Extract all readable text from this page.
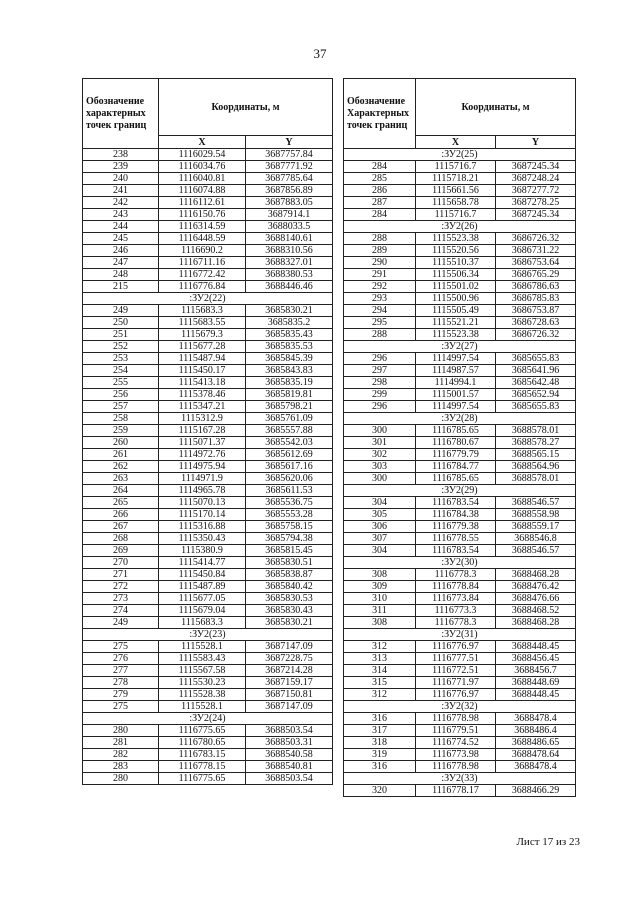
37
Обозначение характерных точек границ	Координаты, м	
	X	Y
238	1116029.54	3687757.84
239	1116034.76	3687771.92
240	1116040.81	3687785.64
241	1116074.88	3687856.89
242	1116112.61	3687883.05
243	1116150.76	3687914.1
244	1116314.59	3688033.5
245	1116448.59	3688140.61
246	1116690.2	3688310.56
247	1116711.16	3688327.01
248	1116772.42	3688380.53
215	1116776.84	3688446.46
:ЗУ2(22)		
249	1115683.3	3685830.21
250	1115683.55	3685835.2
251	1115679.3	3685835.43
252	1115677.28	3685835.53
253	1115487.94	3685845.39
254	1115450.17	3685843.83
255	1115413.18	3685835.19
256	1115378.46	3685819.81
257	1115347.21	3685798.21
258	1115312.9	3685761.09
259	1115167.28	3685557.88
260	1115071.37	3685542.03
261	1114972.76	3685612.69
262	1114975.94	3685617.16
263	1114971.9	3685620.06
264	1114965.78	3685611.53
265	1115070.13	3685536.75
266	1115170.14	3685553.28
267	1115316.88	3685758.15
268	1115350.43	3685794.38
269	1115380.9	3685815.45
270	1115414.77	3685830.51
271	1115450.84	3685838.87
272	1115487.89	3685840.42
273	1115677.05	3685830.53
274	1115679.04	3685830.43
249	1115683.3	3685830.21
:ЗУ2(23)		
275	1115528.1	3687147.09
276	1115583.43	3687228.75
277	1115567.58	3687214.28
278	1115530.23	3687159.17
279	1115528.38	3687150.81
275	1115528.1	3687147.09
:ЗУ2(24)		
280	1116775.65	3688503.54
281	1116780.65	3688503.31
282	1116783.15	3688540.58
283	1116778.15	3688540.81
280	1116775.65	3688503.54
Обозначение Характерных точек границ	Координаты, м	
	X	Y
:ЗУ2(25)		
284	1115716.7	3687245.34
285	1115718.21	3687248.24
286	1115661.56	3687277.72
287	1115658.78	3687278.25
284	1115716.7	3687245.34
:ЗУ2(26)		
288	1115523.38	3686726.32
289	1115520.56	3686731.22
290	1115510.37	3686753.64
291	1115506.34	3686765.29
292	1115501.02	3686786.63
293	1115500.96	3686785.83
294	1115505.49	3686753.87
295	1115521.21	3686728.63
288	1115523.38	3686726.32
:ЗУ2(27)		
296	1114997.54	3685655.83
297	1114987.57	3685641.96
298	1114994.1	3685642.48
299	1115001.57	3685652.94
296	1114997.54	3685655.83
:ЗУ2(28)		
300	1116785.65	3688578.01
301	1116780.67	3688578.27
302	1116779.79	3688565.15
303	1116784.77	3688564.96
300	1116785.65	3688578.01
:ЗУ2(29)		
304	1116783.54	3688546.57
305	1116784.38	3688558.98
306	1116779.38	3688559.17
307	1116778.55	3688546.8
304	1116783.54	3688546.57
:ЗУ2(30)		
308	1116778.3	3688468.28
309	1116778.84	3688476.42
310	1116773.84	3688476.66
311	1116773.3	3688468.52
308	1116778.3	3688468.28
:ЗУ2(31)		
312	1116776.97	3688448.45
313	1116777.51	3688456.45
314	1116772.51	3688456.7
315	1116771.97	3688448.69
312	1116776.97	3688448.45
:ЗУ2(32)		
316	1116778.98	3688478.4
317	1116779.51	3688486.4
318	1116774.52	3688486.65
319	1116773.98	3688478.64
316	1116778.98	3688478.4
:ЗУ2(33)		
320	1116778.17	3688466.29
Лист 17 из 23
